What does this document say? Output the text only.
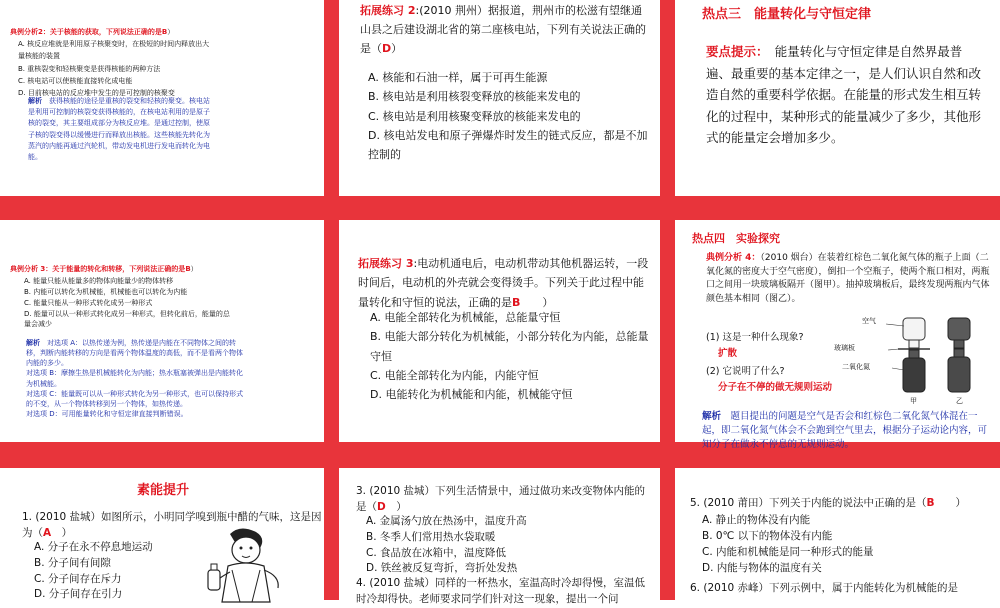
典例分析2：关于核能的获取，下列说法正确的是B）

A. 核反应堆就是利用原子核聚变时，在极短的时间内释放出大量核能的装置

B. 重核裂变和轻核聚变是获得核能的两种方法

C. 核电站可以使核能直接转化成电能

D. 目前核电站的反应堆中发生的是可控制的核聚变

解析　 获得核能的途径是重核的裂变和轻核的聚变。核电站是利用可控制的核裂变获得核能的，在核电站利用的是原子核的裂变，其主要组成部分为核反应堆。是通过控制，使原子核的裂变得以缓慢进行而释放出核能。这些核能先转化为蒸汽的内能再通过汽轮机，带动发电机进行发电而转化为电能。
拓展练习 2:(2010 荆州）据报道，荆州市的松滋有望继通山县之后建设湖北省的第二座核电站，下列有关说法正确的是（D）

A. 核能和石油一样，属于可再生能源

B. 核电站是利用核裂变释放的核能来发电的

C. 核电站是利用核聚变释放的核能来发电的

D. 核电站发电和原子弹爆炸时发生的链式反应，都是不加控制的

热点三　能量转化与守恒定律
要点提示：　 能量转化与守恒定律是自然界最普遍、最重要的基本定律之一，是人们认识自然和改造自然的重要科学依据。在能量的形式发生相互转化的过程中，某种形式的能量减少了多少，其他形式的能量定会增加多少。
典例分析 3：关于能量的转化和转移，下列说法正确的是B）

A. 能量只能从能量多的物体向能量少的物体转移

B. 内能可以转化为机械能，机械能也可以转化为内能

C. 能量只能从一种形式转化成另一种形式

D. 能量可以从一种形式转化成另一种形式，但转化前后，能量的总量会减少

解析　 对选项 A：以热传递为例，热传递是内能在不同物体之间的转移，判断内能转移的方向是看两个物体温度的高低，而不是看两个物体内能的多少。

对选项 B：摩擦生热是机械能转化为内能；热水瓶塞被弹出是内能转化为机械能。

对选项 C：能量既可以从一种形式转化为另一种形式，也可以保持形式的不变，从一个物体转移到另一个物体，如热传递。

对选项 D：可用能量转化和守恒定律直接判断错误。

拓展练习 3:电动机通电后，电动机带动其他机器运转，一段时间后，电动机的外壳就会变得烫手。下列关于此过程中能量转化和守恒的说法，正确的是B　　 ）

A. 电能全部转化为机械能，总能量守恒

B. 电能大部分转化为机械能，小部分转化为内能，总能量守恒

C. 电能全部转化为内能，内能守恒

D. 电能转化为机械能和内能，机械能守恒

热点四　实验探究
典例分析 4：（2010 烟台）在装着红棕色二氧化氮气体的瓶子上面（二氧化氮的密度大于空气密度），倒扣一个空瓶子，使两个瓶口相对，两瓶口之间用一块玻璃板隔开（图甲）。抽掉玻璃板后，最终发现两瓶内气体颜色基本相同（图乙）。

(1) 这是一种什么现象?

扩散

(2) 它说明了什么?

分子在不停的做无规则运动

空气
玻璃板
二氧化氮
甲	乙
解析　 题目提出的问题是空气是否会和红棕色二氧化氮气体混在一起，即二氧化氮气体会不会跑到空气里去，根据分子运动论内容，可知分子在做永不停息的无规则运动。
素能提升
1. (2010 盐城）如图所示，小明同学嗅到瓶中醋的气味，这是因为（A　 ）

A. 分子在永不停息地运动

B. 分子间有间隙

C. 分子间存在斥力

D. 分子间存在引力

3. (2010 盐城）下列生活情景中，通过做功来改变物体内能的是（D　 ）

A. 金属汤勺放在热汤中，温度升高

B. 冬季人们常用热水袋取暖

C. 食品放在冰箱中，温度降低

D. 铁丝被反复弯折，弯折处发热

4. (2010 盐城）同样的一杯热水，室温高时冷却得慢，室温低时冷却得快。老师要求同学们针对这一现象，提出一个问
5. (2010 莆田）下列关于内能的说法中正确的是（B　　 ）

A. 静止的物体没有内能

B. 0℃ 以下的物体没有内能

C. 内能和机械能是同一种形式的能量

D. 内能与物体的温度有关

6. (2010 赤峰）下列示例中，属于内能转化为机械能的是
